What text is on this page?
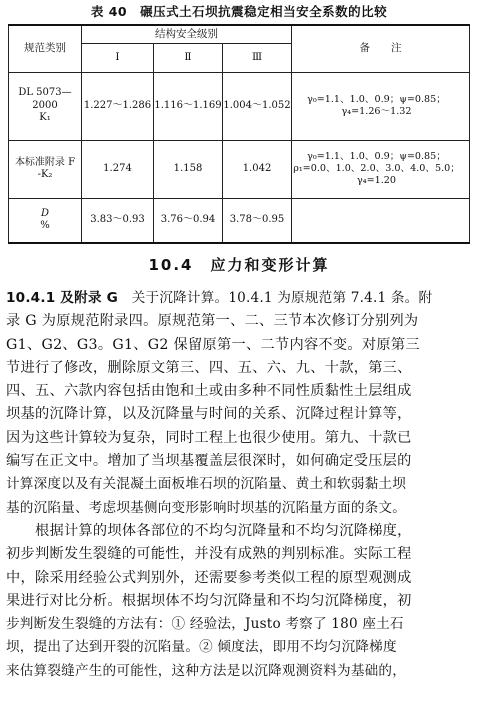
表 40　碾压式土石坝抗震稳定相当安全系数的比较
规范类别	结构安全级别			备　　注
	Ⅰ	Ⅱ	Ⅲ	

DL 5073—
2000
K₁	1.227～1.286	1.116～1.169	1.004～1.052	γ₀=1.1、1.0、0.9；ψ=0.85；
γ₄=1.26～1.32

本标准附录 F
-K₂	1.274	1.158	1.042	γ₀=1.1、1.0、0.9；ψ=0.85；
ρ₁=0.0、1.0、2.0、3.0、4.0、5.0；
γ₄=1.20

D
%	3.83～0.93	3.76～0.94	3.78～0.95	
10.4　应力和变形计算
10.4.1 及附录 G　关于沉降计算。10.4.1 为原规范第 7.4.1 条。附
录 G 为原规范附录四。原规范第一、二、三节本次修订分别列为
G1、G2、G3。G1、G2 保留原第一、二节内容不变。对原第三
节进行了修改，删除原文第三、四、五、六、九、十款，第三、
四、五、六款内容包括由饱和土或由多种不同性质黏性土层组成
坝基的沉降计算，以及沉降量与时间的关系、沉降过程计算等，
因为这些计算较为复杂，同时工程上也很少使用。第九、十款已
编写在正文中。增加了当坝基覆盖层很深时，如何确定受压层的
计算深度以及有关混凝土面板堆石坝的沉陷量、黄土和软弱黏土坝
基的沉陷量、考虑坝基侧向变形影响时坝基的沉陷量方面的条文。
　　根据计算的坝体各部位的不均匀沉降量和不均匀沉降梯度，
初步判断发生裂缝的可能性，并没有成熟的判别标准。实际工程
中，除采用经验公式判别外，还需要参考类似工程的原型观测成
果进行对比分析。根据坝体不均匀沉降量和不均匀沉降梯度，初
步判断发生裂缝的方法有：① 经验法，Justo 考察了 180 座土石
坝，提出了达到开裂的沉陷量。② 倾度法，即用不均匀沉降梯度
来估算裂缝产生的可能性，这种方法是以沉降观测资料为基础的，
